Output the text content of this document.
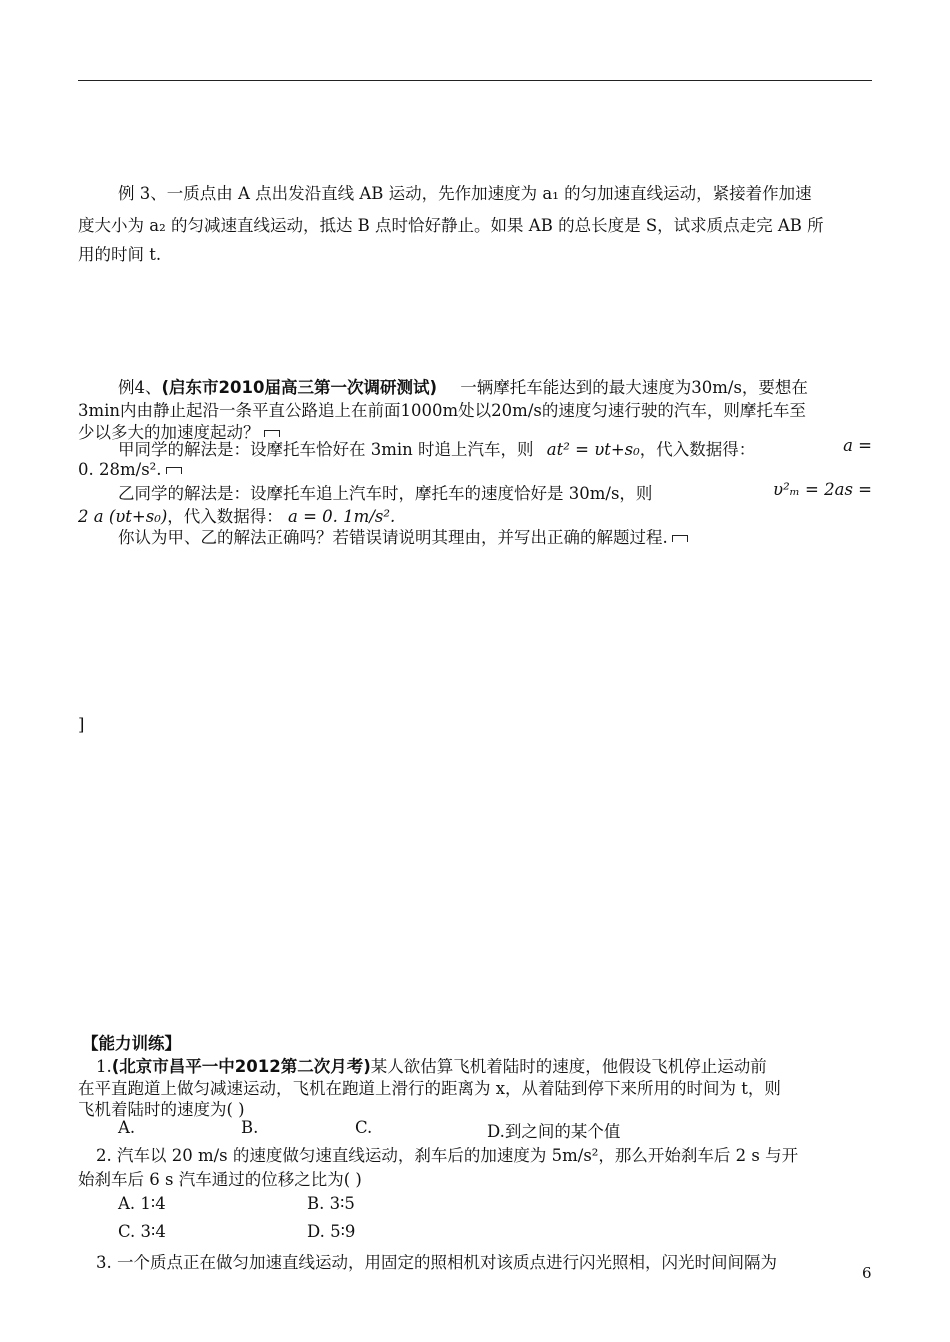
例 3、一质点由 A 点出发沿直线 AB 运动，先作加速度为 a₁ 的匀加速直线运动，紧接着作加速
度大小为 a₂ 的匀减速直线运动，抵达 B 点时恰好静止。如果 AB 的总长度是 S，试求质点走完 AB 所
用的时间 t.
例4、(启东市2010届高三第一次调研测试) 一辆摩托车能达到的最大速度为30m/s，要想在
3min内由静止起沿一条平直公路追上在前面1000m处以20m/s的速度匀速行驶的汽车，则摩托车至
少以多大的加速度起动？
甲同学的解法是：设摩托车恰好在 3min 时追上汽车，则 at² = υt+s₀，代入数据得：	a =
0. 28m/s².
乙同学的解法是：设摩托车追上汽车时，摩托车的速度恰好是 30m/s，则	υ²ₘ = 2as =
2 a (υt+s₀)，代入数据得： a = 0. 1m/s².
你认为甲、乙的解法正确吗？若错误请说明其理由，并写出正确的解题过程.
]
【能力训练】
1.(北京市昌平一中2012第二次月考)某人欲估算飞机着陆时的速度，他假设飞机停止运动前
在平直跑道上做匀减速运动，飞机在跑道上滑行的距离为 x，从着陆到停下来所用的时间为 t，则
飞机着陆时的速度为( )
A.	B.	C.	D.到之间的某个值
2. 汽车以 20 m/s 的速度做匀速直线运动，刹车后的加速度为 5m/s²，那么开始刹车后 2 s 与开
始刹车后 6 s 汽车通过的位移之比为( )
A. 1∶4	B. 3∶5
C. 3∶4	D. 5∶9
3. 一个质点正在做匀加速直线运动，用固定的照相机对该质点进行闪光照相，闪光时间间隔为
6
